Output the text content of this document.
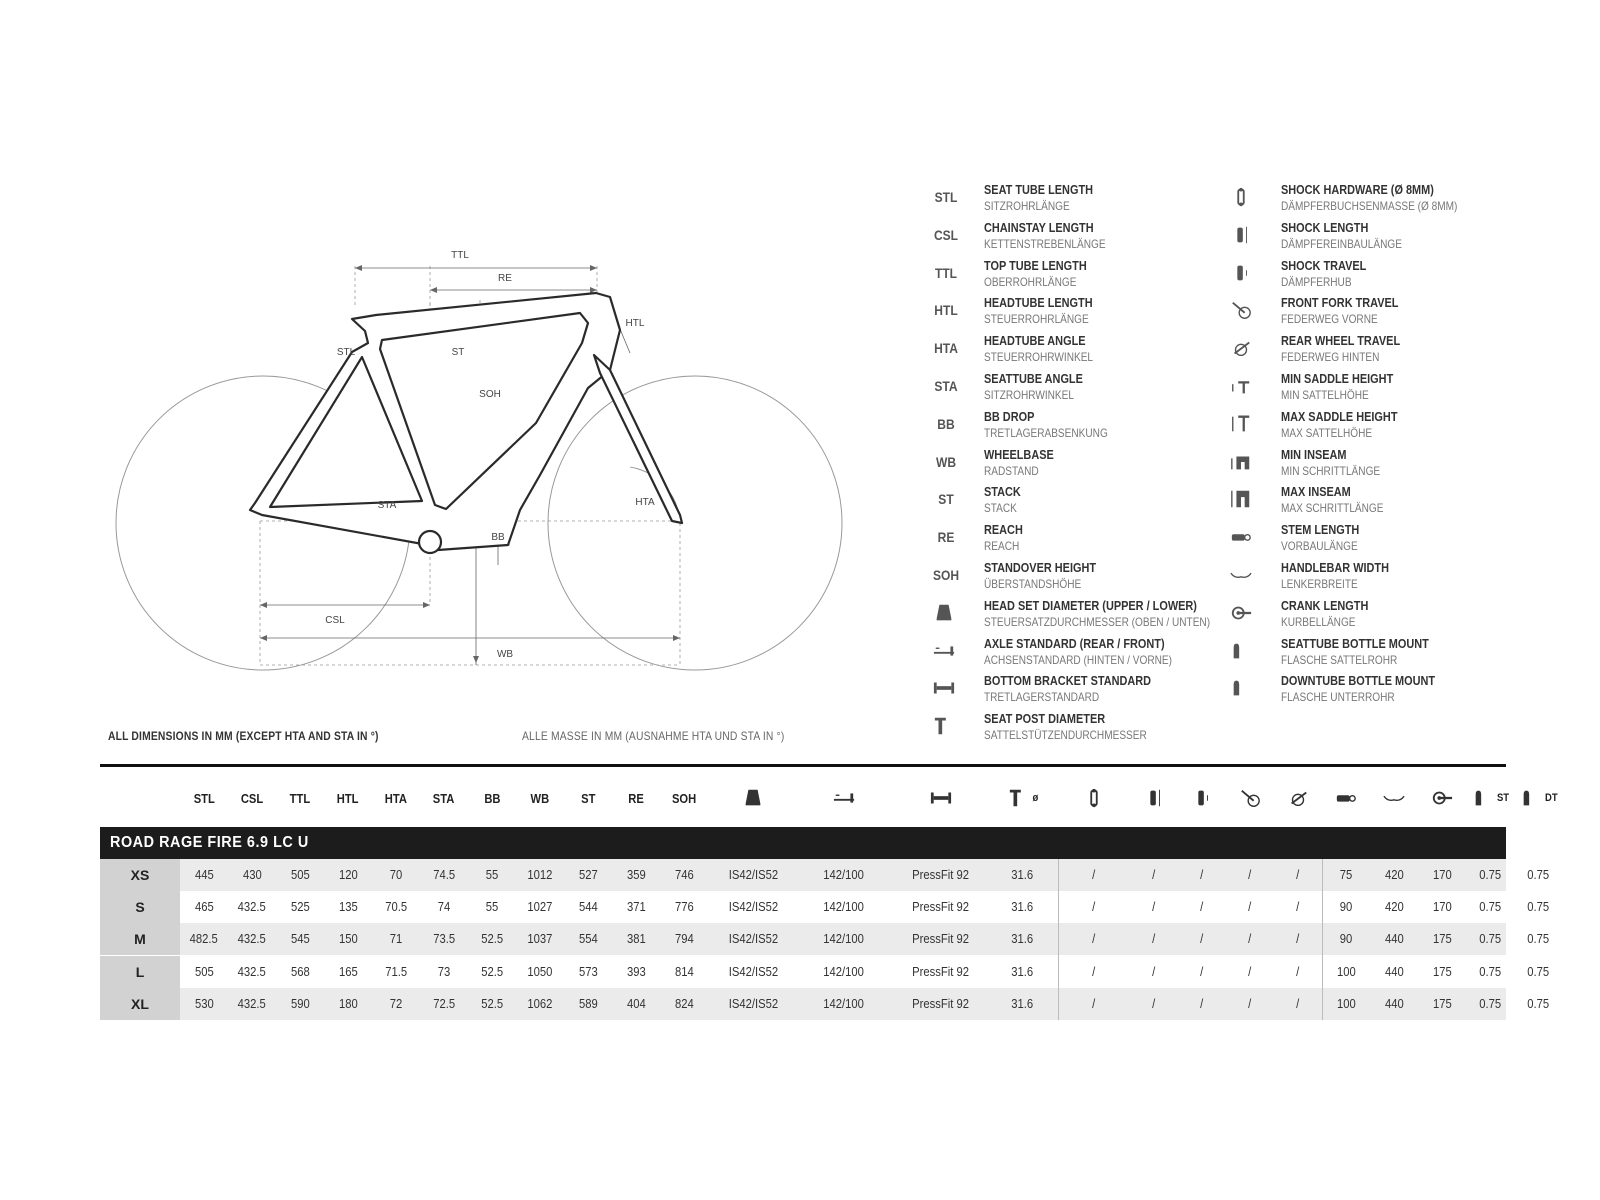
TTL
RE
HTL
STL	ST
SOH
STA	HTA
BB
CSL
WB
ALL DIMENSIONS IN MM (EXCEPT HTA AND STA IN °)	ALLE MASSE IN MM (AUSNAHME HTA UND STA IN °)
STL	SEAT TUBE LENGTH
SITZROHRLÄNGE
CSL	CHAINSTAY LENGTH
KETTENSTREBENLÄNGE
TTL	TOP TUBE LENGTH
OBERROHRLÄNGE
HTL	HEADTUBE LENGTH
STEUERROHRLÄNGE
HTA	HEADTUBE ANGLE
STEUERROHRWINKEL
STA	SEATTUBE ANGLE
SITZROHRWINKEL
BB	BB DROP
TRETLAGERABSENKUNG
WB	WHEELBASE
RADSTAND
ST	STACK
STACK
RE	REACH
REACH
SOH	STANDOVER HEIGHT
ÜBERSTANDSHÖHE
HEAD SET DIAMETER (UPPER / LOWER)
STEUERSATZDURCHMESSER (OBEN / UNTEN)
AXLE STANDARD (REAR / FRONT)
ACHSENSTANDARD (HINTEN / VORNE)
BOTTOM BRACKET STANDARD
TRETLAGERSTANDARD
SEAT POST DIAMETER
SATTELSTÜTZENDURCHMESSER
SHOCK HARDWARE (Ø 8MM)
DÄMPFERBUCHSENMASSE (Ø 8MM)
SHOCK LENGTH
DÄMPFEREINBAULÄNGE
SHOCK TRAVEL
DÄMPFERHUB
FRONT FORK TRAVEL
FEDERWEG VORNE
REAR WHEEL TRAVEL
FEDERWEG HINTEN
MIN SADDLE HEIGHT
MIN SATTELHÖHE
MAX SADDLE HEIGHT
MAX SATTELHÖHE
MIN INSEAM
MIN SCHRITTLÄNGE
MAX INSEAM
MAX SCHRITTLÄNGE
STEM LENGTH
VORBAULÄNGE
HANDLEBAR WIDTH
LENKERBREITE
CRANK LENGTH
KURBELLÄNGE
SEATTUBE BOTTLE MOUNT
FLASCHE SATTELROHR
DOWNTUBE BOTTLE MOUNT
FLASCHE UNTERROHR
STL CSL TTL HTL HTA STA BB WB ST	RE SOH	ø	ST	DT
ROAD RAGE FIRE 6.9 LC U
XS	445 430 505 120	70 74.5 55 1012 527 359 746	IS42/IS52	142/100	PressFit 92	31.6	/	/	/	/	/	75	420 170 0.75 0.75
S	465 432.5 525 135 70.5 74	55 1027 544 371 776	IS42/IS52	142/100	PressFit 92	31.6	/	/	/	/	/	90	420 170 0.75 0.75
M	482.5 432.5 545 150	71 73.5 52.5 1037 554 381 794	IS42/IS52	142/100	PressFit 92	31.6	/	/	/	/	/	90	440 175 0.75 0.75
L	505 432.5 568 165 71.5 73 52.5 1050 573 393 814	IS42/IS52	142/100	PressFit 92	31.6	/	/	/	/	/	100 440 175 0.75 0.75
XL	530 432.5 590 180	72 72.5 52.5 1062 589 404 824	IS42/IS52	142/100	PressFit 92	31.6	/	/	/	/	/	100 440 175 0.75 0.75
